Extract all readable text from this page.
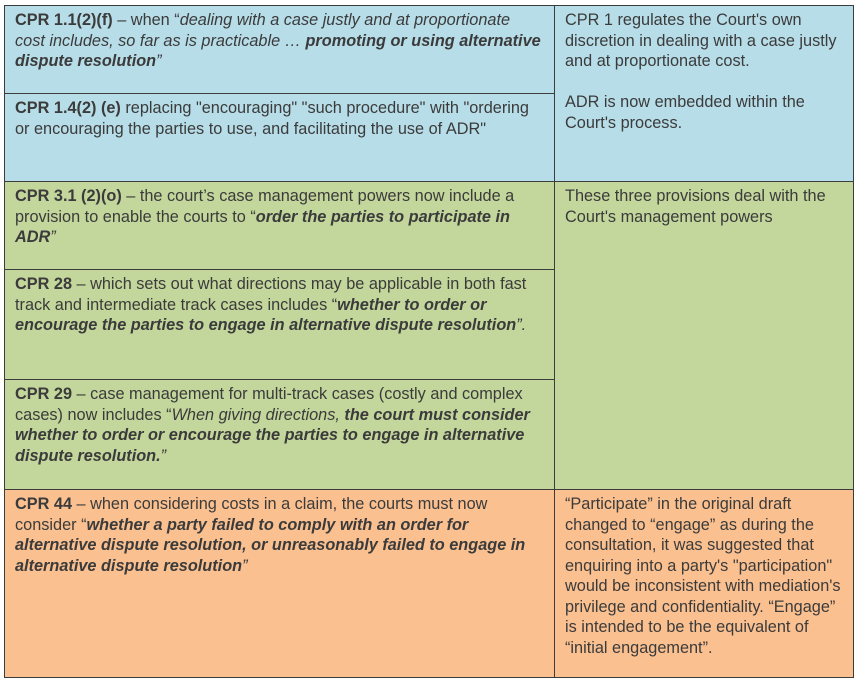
CPR 1.1(2)(f) – when “dealing with a case justly and at proportionate cost includes, so far as is practicable … promoting or using alternative dispute resolution”
CPR 1.4(2) (e) replacing "encouraging" "such procedure" with "ordering or encouraging the parties to use, and facilitating the use of ADR"
CPR 1 regulates the Court's own discretion in dealing with a case justly and at proportionate cost.
ADR is now embedded within the Court's process.
CPR 3.1 (2)(o) – the court’s case management powers now include a provision to enable the courts to “order the parties to participate in ADR”
CPR 28 – which sets out what directions may be applicable in both fast track and intermediate track cases includes “whether to order or encourage the parties to engage in alternative dispute resolution”.
CPR 29 – case management for multi-track cases (costly and complex cases) now includes “When giving directions, the court must consider whether to order or encourage the parties to engage in alternative dispute resolution.”
These three provisions deal with the Court's management powers
CPR 44 – when considering costs in a claim, the courts must now consider “whether a party failed to comply with an order for alternative dispute resolution, or unreasonably failed to engage in alternative dispute resolution”
“Participate” in the original draft changed to “engage” as during the consultation, it was suggested that enquiring into a party's "participation" would be inconsistent with mediation's privilege and confidentiality. “Engage” is intended to be the equivalent of “initial engagement”.
